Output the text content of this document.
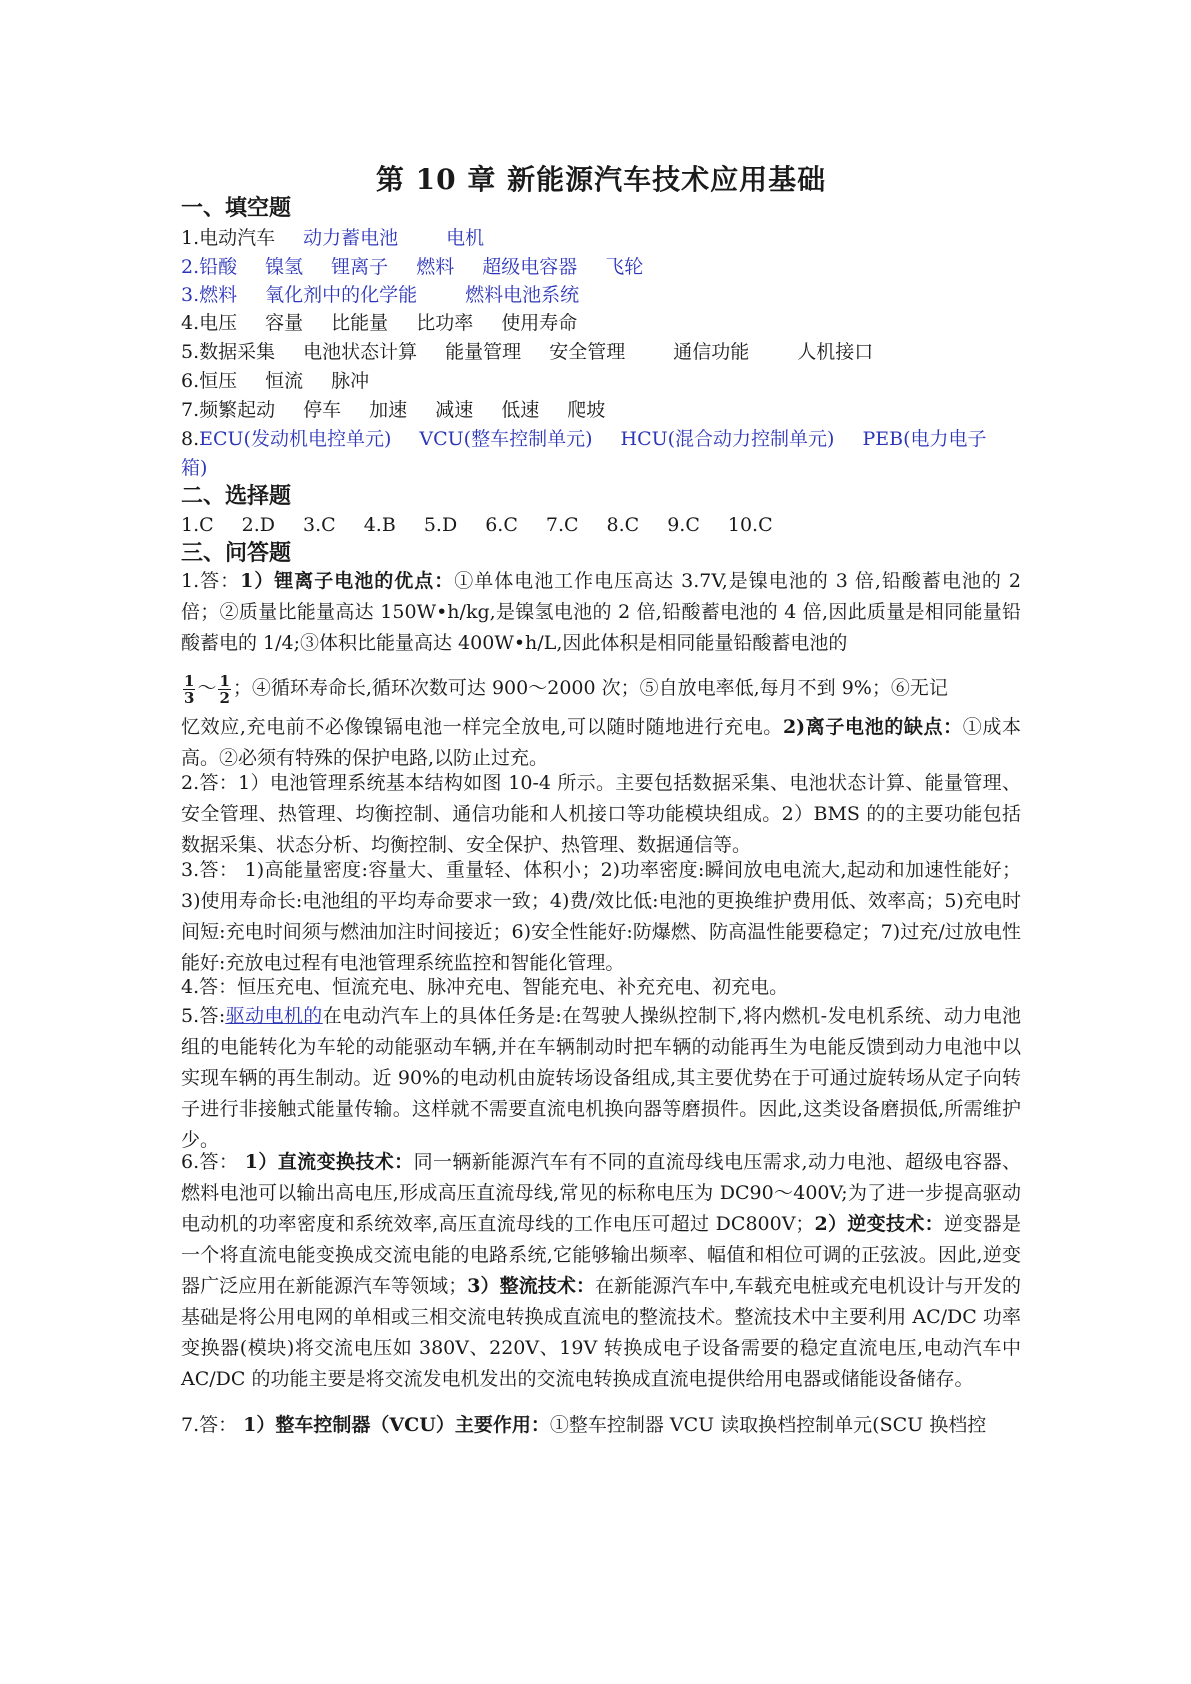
第 10 章 新能源汽车技术应用基础
一、填空题
1.电动汽车 动力蓄电池	电机
2.铅酸 镍氢 锂离子 燃料 超级电容器 飞轮
3.燃料 氧化剂中的化学能	燃料电池系统
4.电压 容量 比能量 比功率 使用寿命
5.数据采集 电池状态计算 能量管理 安全管理	通信功能	人机接口
6.恒压 恒流 脉冲
7.频繁起动 停车 加速 减速 低速 爬坡
8.ECU(发动机电控单元) VCU(整车控制单元) HCU(混合动力控制单元) PEB(电力电子
箱)
二、选择题
1.C 2.D 3.C 4.B 5.D 6.C 7.C 8.C 9.C 10.C
三、问答题
1.答：1）锂离子电池的优点：①单体电池工作电压高达 3.7V,是镍电池的 3 倍,铅酸蓄电池的 2 倍；②质量比能量高达 150W•h/kg,是镍氢电池的 2 倍,铅酸蓄电池的 4 倍,因此质量是相同能量铅酸蓄电的 1/4;③体积比能量高达 400W•h/L,因此体积是相同能量铅酸蓄电池的
$\frac{1}{3}$ ～ $\frac{1}{2}$ ；④循环寿命长,循环次数可达 900～2000 次；⑤自放电率低,每月不到 9%；⑥无记
忆效应,充电前不必像镍镉电池一样完全放电,可以随时随地进行充电。2)离子电池的缺点：①成本高。②必须有特殊的保护电路,以防止过充。
2.答：1）电池管理系统基本结构如图 10-4 所示。主要包括数据采集、电池状态计算、能量管理、安全管理、热管理、均衡控制、通信功能和人机接口等功能模块组成。2）BMS 的的主要功能包括数据采集、状态分析、均衡控制、安全保护、热管理、数据通信等。
3.答： 1)高能量密度:容量大、重量轻、体积小；2)功率密度:瞬间放电电流大,起动和加速性能好；3)使用寿命长:电池组的平均寿命要求一致；4)费/效比低:电池的更换维护费用低、效率高；5)充电时间短:充电时间须与燃油加注时间接近；6)安全性能好:防爆燃、防高温性能要稳定；7)过充/过放电性能好:充放电过程有电池管理系统监控和智能化管理。
4.答：恒压充电、恒流充电、脉冲充电、智能充电、补充充电、初充电。
5.答:驱动电机的在电动汽车上的具体任务是:在驾驶人操纵控制下,将内燃机-发电机系统、动力电池组的电能转化为车轮的动能驱动车辆,并在车辆制动时把车辆的动能再生为电能反馈到动力电池中以实现车辆的再生制动。近 90%的电动机由旋转场设备组成,其主要优势在于可通过旋转场从定子向转子进行非接触式能量传输。这样就不需要直流电机换向器等磨损件。因此,这类设备磨损低,所需维护少。
6.答： 1）直流变换技术：同一辆新能源汽车有不同的直流母线电压需求,动力电池、超级电容器、燃料电池可以输出高电压,形成高压直流母线,常见的标称电压为 DC90～400V;为了进一步提高驱动电动机的功率密度和系统效率,高压直流母线的工作电压可超过 DC800V；2）逆变技术：逆变器是一个将直流电能变换成交流电能的电路系统,它能够输出频率、幅值和相位可调的正弦波。因此,逆变器广泛应用在新能源汽车等领域；3）整流技术：在新能源汽车中,车载充电桩或充电机设计与开发的基础是将公用电网的单相或三相交流电转换成直流电的整流技术。整流技术中主要利用 AC/DC 功率变换器(模块)将交流电压如 380V、220V、19V 转换成电子设备需要的稳定直流电压,电动汽车中 AC/DC 的功能主要是将交流发电机发出的交流电转换成直流电提供给用电器或储能设备储存。
7.答： 1）整车控制器（VCU）主要作用：①整车控制器 VCU 读取换档控制单元(SCU 换档控
